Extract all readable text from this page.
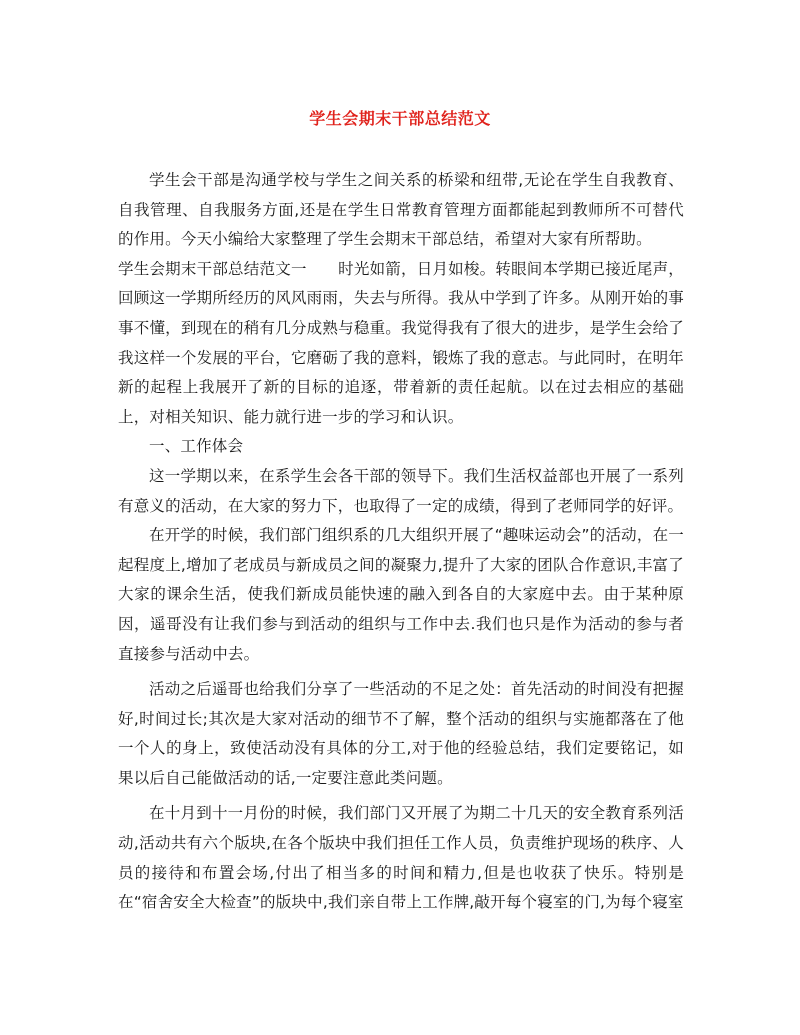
学生会期末干部总结范文

学生会干部是沟通学校与学生之间关系的桥梁和纽带,无论在学生自我教育、自我管理、自我服务方面,还是在学生日常教育管理方面都能起到教师所不可替代的作用。今天小编给大家整理了学生会期末干部总结，希望对大家有所帮助。

学生会期末干部总结范文一　　时光如箭，日月如梭。转眼间本学期已接近尾声，回顾这一学期所经历的风风雨雨，失去与所得。我从中学到了许多。从刚开始的事事不懂，到现在的稍有几分成熟与稳重。我觉得我有了很大的进步，是学生会给了我这样一个发展的平台，它磨砺了我的意料，锻炼了我的意志。与此同时，在明年新的起程上我展开了新的目标的追逐，带着新的责任起航。以在过去相应的基础上，对相关知识、能力就行进一步的学习和认识。

一、工作体会

这一学期以来，在系学生会各干部的领导下。我们生活权益部也开展了一系列有意义的活动，在大家的努力下，也取得了一定的成绩，得到了老师同学的好评。

在开学的时候，我们部门组织系的几大组织开展了“趣味运动会”的活动，在一起程度上,增加了老成员与新成员之间的凝聚力,提升了大家的团队合作意识,丰富了大家的课余生活，使我们新成员能快速的融入到各自的大家庭中去。由于某种原因，遥哥没有让我们参与到活动的组织与工作中去.我们也只是作为活动的参与者直接参与活动中去。

活动之后遥哥也给我们分享了一些活动的不足之处：首先活动的时间没有把握好,时间过长;其次是大家对活动的细节不了解，整个活动的组织与实施都落在了他一个人的身上，致使活动没有具体的分工,对于他的经验总结，我们定要铭记，如果以后自己能做活动的话,一定要注意此类问题。

在十月到十一月份的时候，我们部门又开展了为期二十几天的安全教育系列活动,活动共有六个版块,在各个版块中我们担任工作人员，负责维护现场的秩序、人员的接待和布置会场,付出了相当多的时间和精力,但是也收获了快乐。特别是在“宿舍安全大检查”的版块中,我们亲自带上工作牌,敲开每个寝室的门,为每个寝室
